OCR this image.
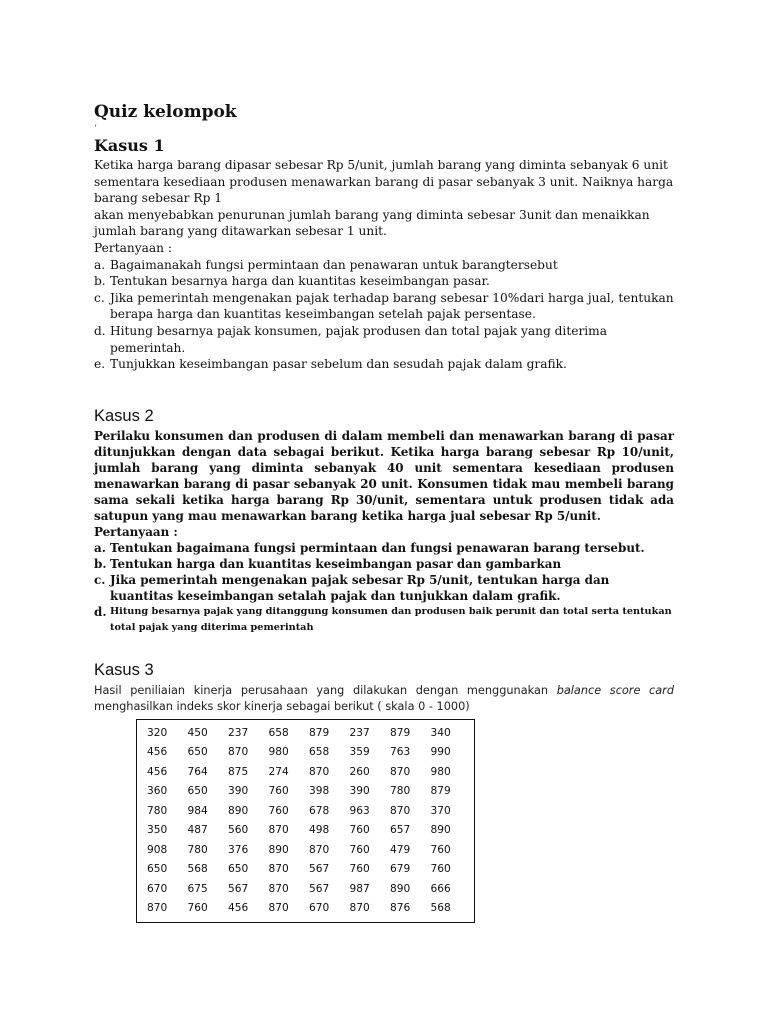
Quiz kelompok
‘
Kasus 1

Ketika harga barang dipasar sebesar Rp 5/unit, jumlah barang yang diminta sebanyak 6 unit sementara kesediaan produsen menawarkan barang di pasar sebanyak 3 unit. Naiknya harga barang sebesar Rp 1

akan menyebabkan penurunan jumlah barang yang diminta sebesar 3unit dan menaikkan jumlah barang yang ditawarkan sebesar 1 unit.

Pertanyaan :

a. Bagaimanakah fungsi permintaan dan penawaran untuk barangtersebut
b. Tentukan besarnya harga dan kuantitas keseimbangan pasar.
c. Jika pemerintah mengenakan pajak terhadap barang sebesar 10%dari harga jual, tentukan berapa harga dan kuantitas keseimbangan setelah pajak persentase.
d. Hitung besarnya pajak konsumen, pajak produsen dan total pajak yang diterima pemerintah.
e. Tunjukkan keseimbangan pasar sebelum dan sesudah pajak dalam grafik.
Kasus 2

Perilaku konsumen dan produsen di dalam membeli dan menawarkan barang di pasar ditunjukkan dengan data sebagai berikut. Ketika harga barang sebesar Rp 10/unit, jumlah barang yang diminta sebanyak 40 unit sementara kesediaan produsen menawarkan barang di pasar sebanyak 20 unit. Konsumen tidak mau membeli barang sama sekali ketika harga barang Rp 30/unit, sementara untuk produsen tidak ada satupun yang mau menawarkan barang ketika harga jual sebesar Rp 5/unit.

Pertanyaan :

a. Tentukan bagaimana fungsi permintaan dan fungsi penawaran barang tersebut.
b. Tentukan harga dan kuantitas keseimbangan pasar dan gambarkan
c. Jika pemerintah mengenakan pajak sebesar Rp 5/unit, tentukan harga dan kuantitas keseimbangan setalah pajak dan tunjukkan dalam grafik.
d. Hitung besarnya pajak yang ditanggung konsumen dan produsen baik perunit dan total serta tentukan total pajak yang diterima pemerintah
Kasus 3

Hasil peniliaian kinerja perusahaan yang dilakukan dengan menggunakan balance score card menghasilkan indeks skor kinerja sebagai berikut ( skala 0 - 1000)

320	450	237	658	879	237	879	340
456	650	870	980	658	359	763	990
456	764	875	274	870	260	870	980
360	650	390	760	398	390	780	879
780	984	890	760	678	963	870	370
350	487	560	870	498	760	657	890
908	780	376	890	870	760	479	760
650	568	650	870	567	760	679	760
670	675	567	870	567	987	890	666
870	760	456	870	670	870	876	568
